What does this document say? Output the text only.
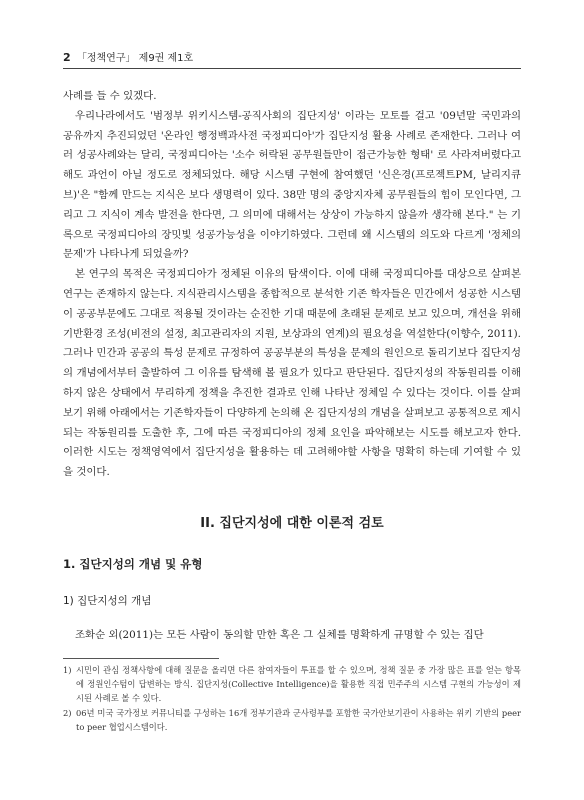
2 「정책연구」 제9권 제1호

사례를 들 수 있겠다.

우리나라에서도 '범정부 위키시스템-공직사회의 집단지성' 이라는 모토를 걸고 '09년말 국민과의 공유까지 추진되었던 '온라인 행정백과사전 국정피디아'가 집단지성 활용 사례로 존재한다. 그러나 여러 성공사례와는 달리, 국정피디아는 '소수 허락된 공무원들만이 접근가능한 형태' 로 사라져버렸다고 해도 과언이 아닐 정도로 정체되었다. 해당 시스템 구현에 참여했던 '신은경(프로젝트PM, 날리지큐브)'은 "함께 만드는 지식은 보다 생명력이 있다. 38만 명의 중앙지자체 공무원들의 힘이 모인다면, 그리고 그 지식이 계속 발전을 한다면, 그 의미에 대해서는 상상이 가능하지 않을까 생각해 본다." 는 기록으로 국정피디아의 장밋빛 성공가능성을 이야기하였다. 그런데 왜 시스템의 의도와 다르게 '정체의 문제'가 나타나게 되었을까?

본 연구의 목적은 국정피디아가 정체된 이유의 탐색이다. 이에 대해 국정피디아를 대상으로 살펴본 연구는 존재하지 않는다. 지식관리시스템을 종합적으로 분석한 기존 학자들은 민간에서 성공한 시스템이 공공부문에도 그대로 적용될 것이라는 순진한 기대 때문에 초래된 문제로 보고 있으며, 개선을 위해 기반환경 조성(비전의 설정, 최고관리자의 지원, 보상과의 연계)의 필요성을 역설한다(이향수, 2011). 그러나 민간과 공공의 특성 문제로 규정하여 공공부분의 특성을 문제의 원인으로 돌리기보다 집단지성의 개념에서부터 출발하여 그 이유를 탐색해 볼 필요가 있다고 판단된다. 집단지성의 작동원리를 이해하지 않은 상태에서 무리하게 정책을 추진한 결과로 인해 나타난 정체일 수 있다는 것이다. 이를 살펴보기 위해 아래에서는 기존학자들이 다양하게 논의해 온 집단지성의 개념을 살펴보고 공통적으로 제시되는 작동원리를 도출한 후, 그에 따른 국정피디아의 정체 요인을 파악해보는 시도를 해보고자 한다. 이러한 시도는 정책영역에서 집단지성을 활용하는 데 고려해야할 사항을 명확히 하는데 기여할 수 있을 것이다.

II. 집단지성에 대한 이론적 검토
1. 집단지성의 개념 및 유형
1) 집단지성의 개념
조화순 외(2011)는 모든 사람이 동의할 만한 혹은 그 실체를 명확하게 규명할 수 있는 집단
1) 시민이 관심 정책사항에 대해 질문을 올리면 다른 참여자들이 투표를 할 수 있으며, 정책 질문 중 가장 많은 표를 얻는 항목에 정원인수텀이 답변하는 방식. 집단지성(Collective Intelligence)을 활용한 직접 민주주의 시스템 구현의 가능성이 제시된 사례로 볼 수 있다.
2) 06년 미국 국가정보 커뮤니티를 구성하는 16개 정부기관과 군사령부를 포함한 국가안보기관이 사용하는 위키 기반의 peer to peer 협업시스템이다.
